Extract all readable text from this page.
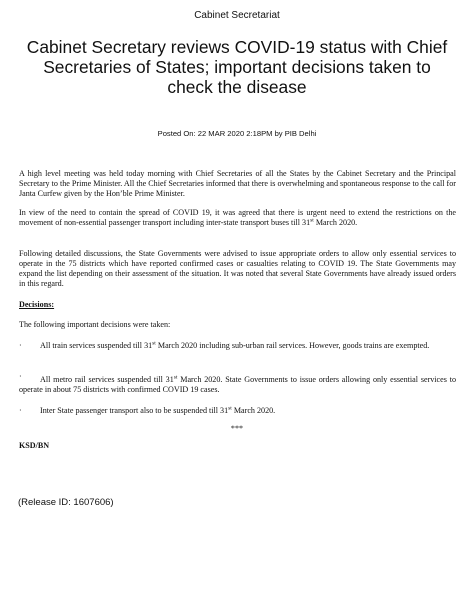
Cabinet Secretariat
Cabinet Secretary reviews COVID-19 status with Chief Secretaries of States; important decisions taken to check the disease
Posted On: 22 MAR 2020 2:18PM by PIB Delhi

A high level meeting was held today morning with Chief Secretaries of all the States by the Cabinet Secretary and the Principal Secretary to the Prime Minister. All the Chief Secretaries informed that there is overwhelming and spontaneous response to the call for Janta Curfew given by the Hon’ble Prime Minister.

In view of the need to contain the spread of COVID 19, it was agreed that there is urgent need to extend the restrictions on the movement of non-essential passenger transport including inter-state transport buses till 31st March 2020.

Following detailed discussions, the State Governments were advised to issue appropriate orders to allow only essential services to operate in the 75 districts which have reported confirmed cases or casualties relating to COVID 19. The State Governments may expand the list depending on their assessment of the situation. It was noted that several State Governments have already issued orders in this regard.

Decisions:

The following important decisions were taken:

·	All train services suspended till 31st March 2020 including sub-urban rail services. However, goods trains are exempted.

·	All metro rail services suspended till 31st March 2020. State Governments to issue orders allowing only essential services to operate in about 75 districts with confirmed COVID 19 cases.

·	Inter State passenger transport also to be suspended till 31st March 2020.

***
KSD/BN
(Release ID: 1607606)
